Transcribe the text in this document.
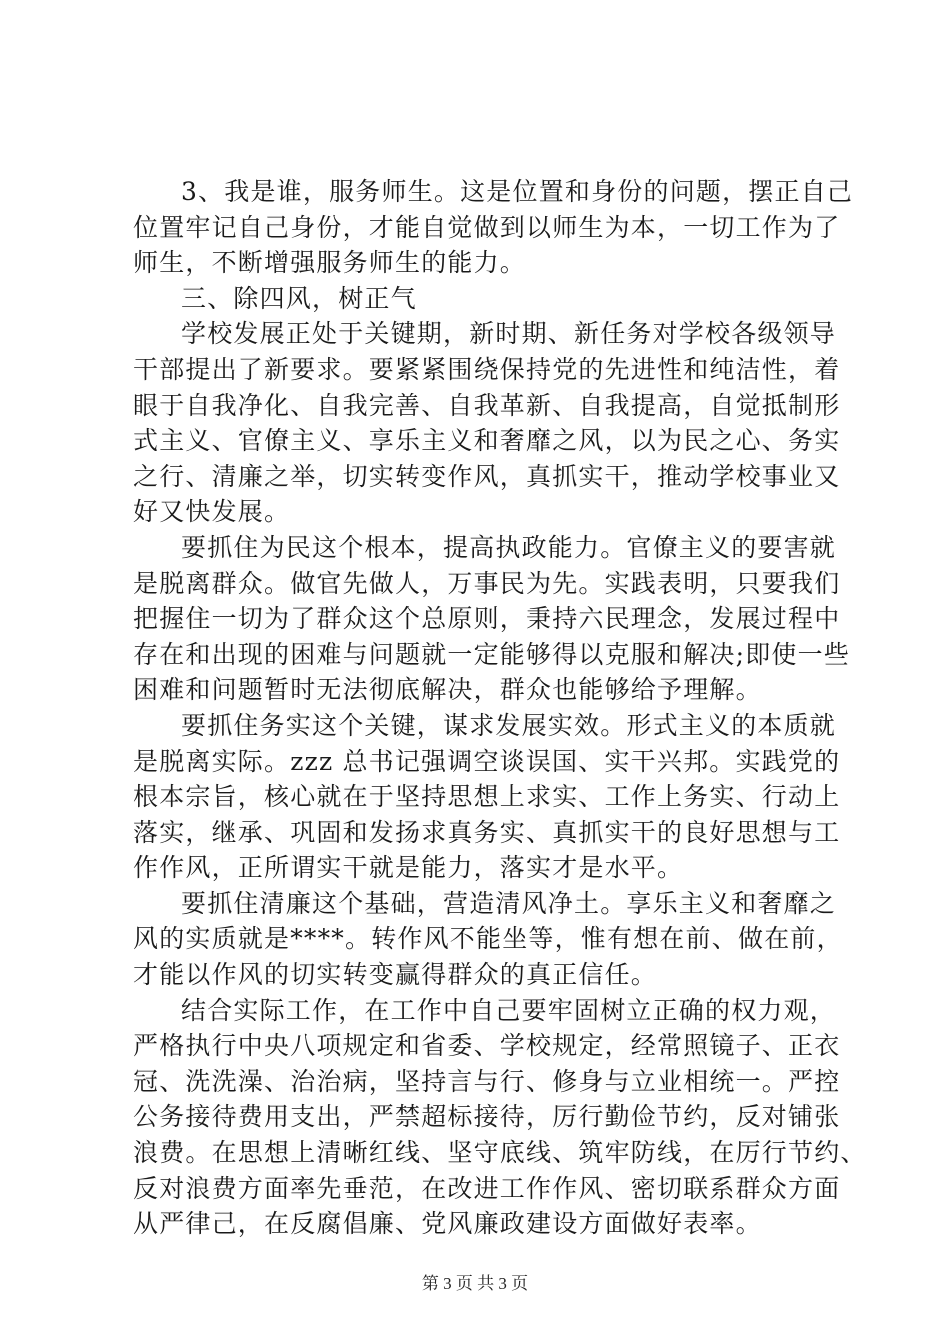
3、我是谁，服务师生。这是位置和身份的问题，摆正自己
位置牢记自己身份，才能自觉做到以师生为本，一切工作为了
师生，不断增强服务师生的能力。
三、除四风，树正气
学校发展正处于关键期，新时期、新任务对学校各级领导
干部提出了新要求。要紧紧围绕保持党的先进性和纯洁性，着
眼于自我净化、自我完善、自我革新、自我提高，自觉抵制形
式主义、官僚主义、享乐主义和奢靡之风，以为民之心、务实
之行、清廉之举，切实转变作风，真抓实干，推动学校事业又
好又快发展。
要抓住为民这个根本，提高执政能力。官僚主义的要害就
是脱离群众。做官先做人，万事民为先。实践表明，只要我们
把握住一切为了群众这个总原则，秉持六民理念，发展过程中
存在和出现的困难与问题就一定能够得以克服和解决;即使一些
困难和问题暂时无法彻底解决，群众也能够给予理解。
要抓住务实这个关键，谋求发展实效。形式主义的本质就
是脱离实际。zzz 总书记强调空谈误国、实干兴邦。实践党的
根本宗旨，核心就在于坚持思想上求实、工作上务实、行动上
落实，继承、巩固和发扬求真务实、真抓实干的良好思想与工
作作风，正所谓实干就是能力，落实才是水平。
要抓住清廉这个基础，营造清风净土。享乐主义和奢靡之
风的实质就是****。转作风不能坐等，惟有想在前、做在前，
才能以作风的切实转变赢得群众的真正信任。
结合实际工作，在工作中自己要牢固树立正确的权力观，
严格执行中央八项规定和省委、学校规定，经常照镜子、正衣
冠、洗洗澡、治治病，坚持言与行、修身与立业相统一。严控
公务接待费用支出，严禁超标接待，厉行勤俭节约，反对铺张
浪费。在思想上清晰红线、坚守底线、筑牢防线，在厉行节约、
反对浪费方面率先垂范，在改进工作作风、密切联系群众方面
从严律己，在反腐倡廉、党风廉政建设方面做好表率。
第 3 页 共 3 页
